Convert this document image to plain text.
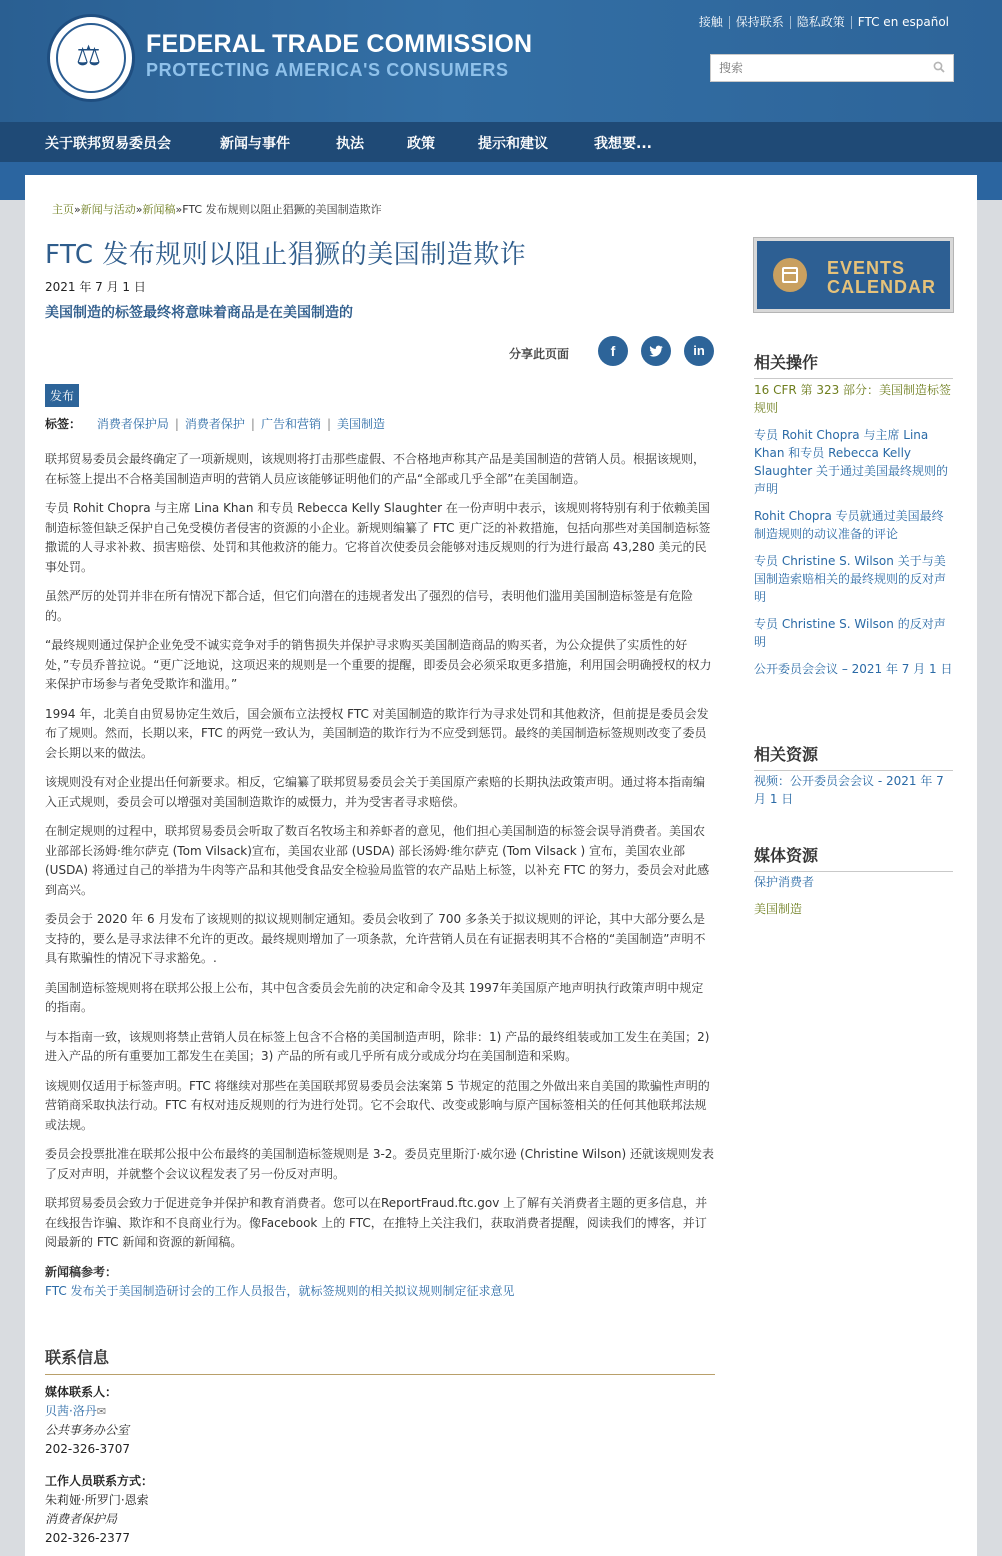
⚖ FEDERAL TRADE COMMISSION
PROTECTING AMERICA'S CONSUMERS
接触	保持联系	隐私政策	FTC en español
搜索
关于联邦贸易委员会	新闻与事件	执法	政策	提示和建议	我想要...
主页»新闻与活动»新闻稿»FTC 发布规则以阻止猖獗的美国制造欺诈
FTC 发布规则以阻止猖獗的美国制造欺诈
2021 年 7 月 1 日
美国制造的标签最终将意味着商品是在美国制造的
分享此页面	f	in
发布
标签： 消费者保护局 | 消费者保护 | 广告和营销 | 美国制造

联邦贸易委员会最终确定了一项新规则，该规则将打击那些虚假、不合格地声称其产品是美国制造的营销人员。根据该规则，在标签上提出不合格美国制造声明的营销人员应该能够证明他们的产品“全部或几乎全部”在美国制造。

专员 Rohit Chopra 与主席 Lina Khan 和专员 Rebecca Kelly Slaughter 在一份声明中表示，该规则将特别有利于依赖美国制造标签但缺乏保护自己免受模仿者侵害的资源的小企业。新规则编纂了 FTC 更广泛的补救措施，包括向那些对美国制造标签撒谎的人寻求补救、损害赔偿、处罚和其他救济的能力。它将首次使委员会能够对违反规则的行为进行最高 43,280 美元的民事处罚。

虽然严厉的处罚并非在所有情况下都合适，但它们向潜在的违规者发出了强烈的信号，表明他们滥用美国制造标签是有危险的。

“最终规则通过保护企业免受不诚实竞争对手的销售损失并保护寻求购买美国制造商品的购买者，为公众提供了实质性的好处，”专员乔普拉说。“更广泛地说，这项迟来的规则是一个重要的提醒，即委员会必须采取更多措施，利用国会明确授权的权力来保护市场参与者免受欺诈和滥用。”

1994 年，北美自由贸易协定生效后，国会颁布立法授权 FTC 对美国制造的欺诈行为寻求处罚和其他救济，但前提是委员会发布了规则。然而，长期以来，FTC 的两党一致认为，美国制造的欺诈行为不应受到惩罚。最终的美国制造标签规则改变了委员会长期以来的做法。

该规则没有对企业提出任何新要求。相反，它编纂了联邦贸易委员会关于美国原产索赔的长期执法政策声明。通过将本指南编入正式规则，委员会可以增强对美国制造欺诈的威慑力，并为受害者寻求赔偿。

在制定规则的过程中，联邦贸易委员会听取了数百名牧场主和养虾者的意见，他们担心美国制造的标签会误导消费者。美国农业部部长汤姆·维尔萨克 (Tom Vilsack)宣布，美国农业部 (USDA) 部长汤姆·维尔萨克 (Tom Vilsack ) 宣布，美国农业部 (USDA) 将通过自己的举措为牛肉等产品和其他受食品安全检验局监管的农产品贴上标签，以补充 FTC 的努力，委员会对此感到高兴。

委员会于 2020 年 6 月发布了该规则的拟议规则制定通知。委员会收到了 700 多条关于拟议规则的评论，其中大部分要么是支持的，要么是寻求法律不允许的更改。最终规则增加了一项条款，允许营销人员在有证据表明其不合格的“美国制造”声明不具有欺骗性的情况下寻求豁免。.

美国制造标签规则将在联邦公报上公布，其中包含委员会先前的决定和命令及其 1997年美国原产地声明执行政策声明中规定的指南。

与本指南一致，该规则将禁止营销人员在标签上包含不合格的美国制造声明，除非：1) 产品的最终组装或加工发生在美国；2) 进入产品的所有重要加工都发生在美国；3) 产品的所有或几乎所有成分或成分均在美国制造和采购。

该规则仅适用于标签声明。FTC 将继续对那些在美国联邦贸易委员会法案第 5 节规定的范围之外做出来自美国的欺骗性声明的营销商采取执法行动。FTC 有权对违反规则的行为进行处罚。它不会取代、改变或影响与原产国标签相关的任何其他联邦法规或法规。

委员会投票批准在联邦公报中公布最终的美国制造标签规则是 3-2。委员克里斯汀·威尔逊 (Christine Wilson) 还就该规则发表了反对声明，并就整个会议议程发表了另一份反对声明。

联邦贸易委员会致力于促进竞争并保护和教育消费者。您可以在ReportFraud.ftc.gov 上了解有关消费者主题的更多信息，并在线报告诈骗、欺诈和不良商业行为。像Facebook 上的 FTC，在推特上关注我们，获取消费者提醒，阅读我们的博客，并订阅最新的 FTC 新闻和资源的新闻稿。

新闻稿参考：

FTC 发布关于美国制造研讨会的工作人员报告，就标签规则的相关拟议规则制定征求意见

联系信息
媒体联系人：
贝茜·洛丹✉
公共事务办公室
202-326-3707
工作人员联系方式：
朱莉娅·所罗门·恩索
消费者保护局
202-326-2377
EVENTS
CALENDAR
相关操作
16 CFR 第 323 部分：美国制造标签规则
专员 Rohit Chopra 与主席 Lina Khan 和专员 Rebecca Kelly Slaughter 关于通过美国最终规则的声明
Rohit Chopra 专员就通过美国最终制造规则的动议准备的评论
专员 Christine S. Wilson 关于与美国制造索赔相关的最终规则的反对声明
专员 Christine S. Wilson 的反对声明
公开委员会会议 – 2021 年 7 月 1 日
相关资源
视频：公开委员会会议 - 2021 年 7 月 1 日
媒体资源
保护消费者
美国制造
